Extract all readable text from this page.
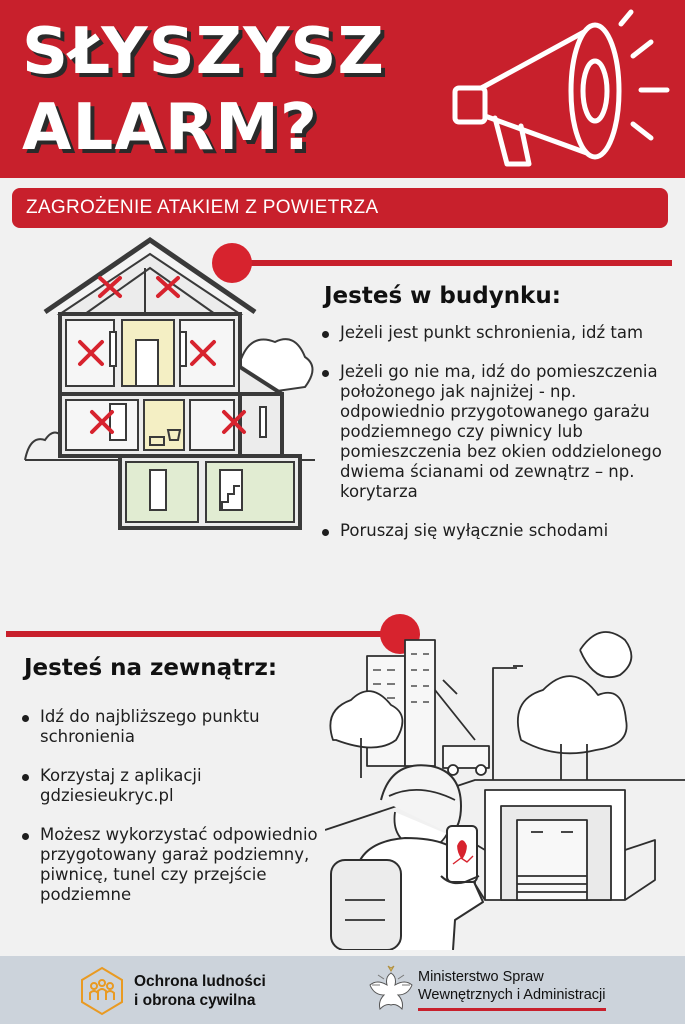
SŁYSZYSZ
ALARM?
ZAGROŻENIE ATAKIEM Z POWIETRZA
Jesteś w budynku:
Jeżeli jest punkt schronienia, idź tam
Jeżeli go nie ma, idź do pomieszczenia położonego jak najniżej - np. odpowiednio przygotowanego garażu podziemnego czy piwnicy lub pomieszczenia bez okien oddzielonego dwiema ścianami od zewnątrz – np. korytarza
Poruszaj się wyłącznie schodami
Jesteś na zewnątrz:
Idź do najbliższego punktu schronienia
Korzystaj z aplikacji gdziesieukryc.pl
Możesz wykorzystać odpowiednio przygotowany garaż podziemny, piwnicę, tunel czy przejście podziemne
Ochrona ludności
i obrona cywilna
Ministerstwo Spraw
Wewnętrznych i Administracji
